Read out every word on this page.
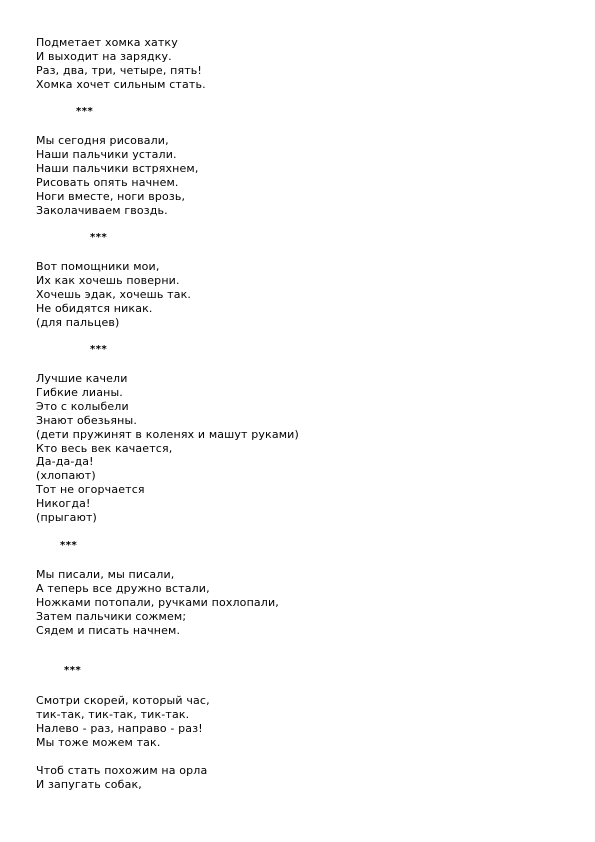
Подметает хомка хатку
И выходит на зарядку.
Раз, два, три, четыре, пять!
Хомка хочет сильным стать.
***
Мы сегодня рисовали,
Наши пальчики устали.
Наши пальчики встряхнем,
Рисовать опять начнем.
Ноги вместе, ноги врозь,
Заколачиваем гвоздь.
***
Вот помощники мои,
Их как хочешь поверни.
Хочешь эдак, хочешь так.
Не обидятся никак.
(для пальцев)
***
Лучшие качели
Гибкие лианы.
Это с колыбели
Знают обезьяны.
(дети пружинят в коленях и машут руками)
Кто весь век качается,
Да-да-да!
(хлопают)
Тот не огорчается
Никогда!
(прыгают)
***
Мы писали, мы писали,
А теперь все дружно встали,
Ножками потопали, ручками похлопали,
Затем пальчики сожмем;
Сядем и писать начнем.
***
Смотри скорей, который час,
тик-так, тик-так, тик-так.
Налево - раз, направо - раз!
Мы тоже можем так.
Чтоб стать похожим на орла
И запугать собак,
